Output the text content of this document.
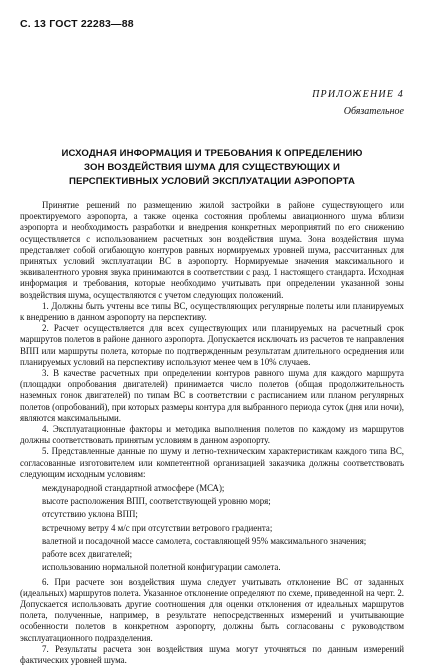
С. 13 ГОСТ 22283—88
ПРИЛОЖЕНИЕ 4
Обязательное
ИСХОДНАЯ ИНФОРМАЦИЯ И ТРЕБОВАНИЯ К ОПРЕДЕЛЕНИЮ
ЗОН ВОЗДЕЙСТВИЯ ШУМА ДЛЯ СУЩЕСТВУЮЩИХ И
ПЕРСПЕКТИВНЫХ УСЛОВИЙ ЭКСПЛУАТАЦИИ АЭРОПОРТА

Принятие решений по размещению жилой застройки в районе существующего или проектируемого аэропорта, а также оценка состояния проблемы авиационного шума вблизи аэропорта и необходимость разработки и внедрения конкретных мероприятий по его снижению осуществляется с использованием расчетных зон воздействия шума. Зона воздействия шума представляет собой огибающую контуров равных нормируемых уровней шума, рассчитанных для принятых условий эксплуатации ВС в аэропорту. Нормируемые значения максимального и эквивалентного уровня звука принимаются в соответствии с разд. 1 настоящего стандарта. Исходная информация и требования, которые необходимо учитывать при определении указанной зоны воздействия шума, осуществляются с учетом следующих положений.

1. Должны быть учтены все типы ВС, осуществляющих регулярные полеты или планируемых к внедрению в данном аэропорту на перспективу.

2. Расчет осуществляется для всех существующих или планируемых на расчетный срок маршрутов полетов в районе данного аэропорта. Допускается исключать из расчетов те направления ВПП или маршруты полета, которые по подтвержденным результатам длительного осреднения или планируемых условий на перспективу используют менее чем в 10% случаев.

3. В качестве расчетных при определении контуров равного шума для каждого маршрута (площадки опробования двигателей) принимается число полетов (общая продолжительность наземных гонок двигателей) по типам ВС в соответствии с расписанием или планом регулярных полетов (опробований), при которых размеры контура для выбранного периода суток (дня или ночи), являются максимальными.

4. Эксплуатационные факторы и методика выполнения полетов по каждому из маршрутов должны соответствовать принятым условиям в данном аэропорту.

5. Представленные данные по шуму и летно-техническим характеристикам каждого типа ВС, согласованные изготовителем или компетентной организацией заказчика должны соответствовать следующим исходным условиям:

международной стандартной атмосфере (МСА);

высоте расположения ВПП, соответствующей уровню моря;

отсутствию уклона ВПП;

встречному ветру 4 м/с при отсутствии ветрового градиента;

валетной и посадочной массе самолета, составляющей 95% максимального значения;

работе всех двигателей;

использованию нормальной полетной конфигурации самолета.

6. При расчете зон воздействия шума следует учитывать отклонение ВС от заданных (идеальных) маршрутов полета. Указанное отклонение определяют по схеме, приведенной на черт. 2. Допускается использовать другие соотношения для оценки отклонения от идеальных маршрутов полета, полученные, например, в результате непосредственных измерений и учитывающие особенности полетов в конкретном аэропорту, должны быть согласованы с руководством эксплуатационного подразделения.

7. Результаты расчета зон воздействия шума могут уточняться по данным измерений фактических уровней шума.
